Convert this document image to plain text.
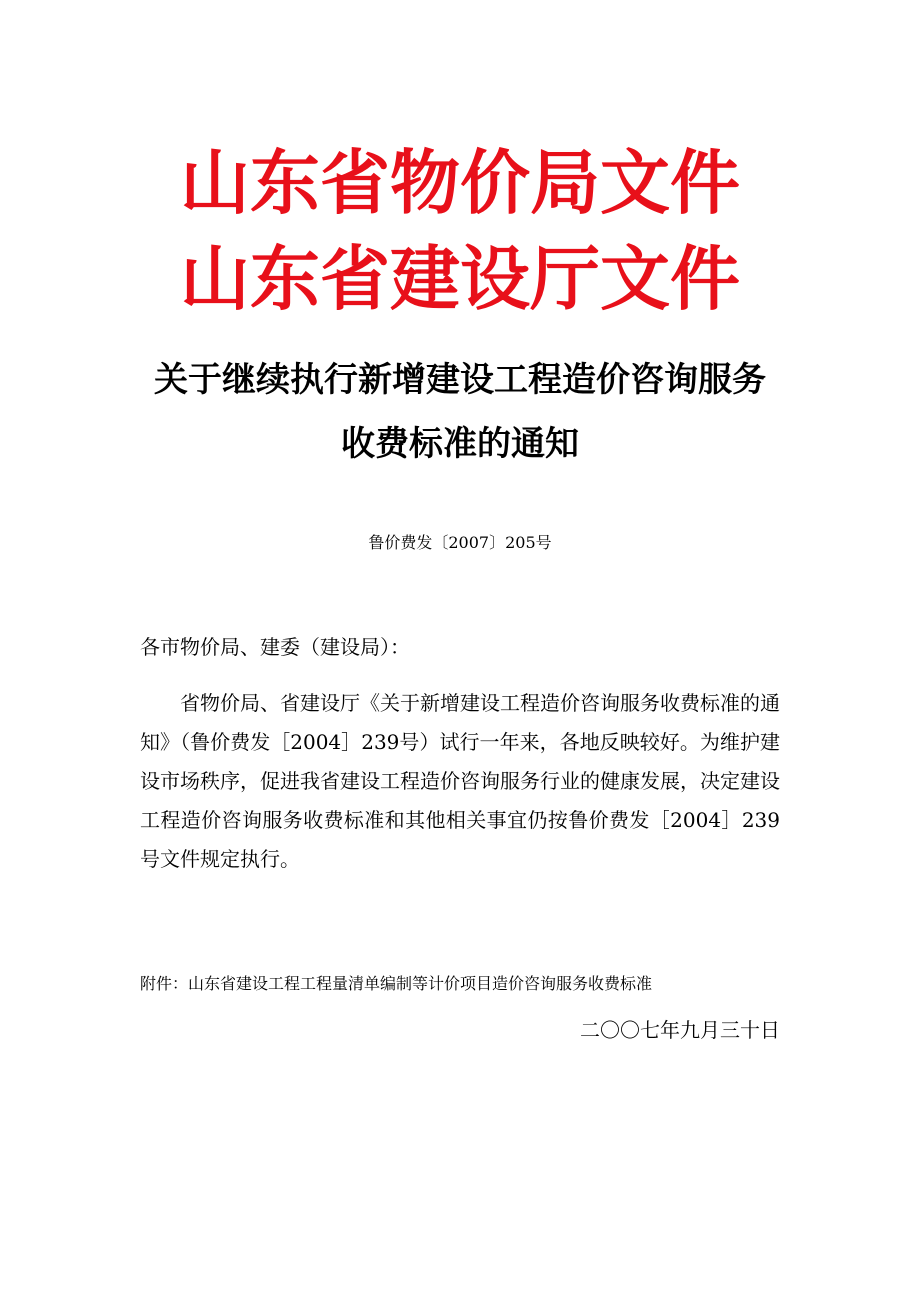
山东省物价局文件
山东省建设厅文件
关于继续执行新增建设工程造价咨询服务
收费标准的通知
鲁价费发〔2007〕205号
各市物价局、建委（建设局）：
省物价局、省建设厅《关于新增建设工程造价咨询服务收费标准的通知》（鲁价费发［2004］239号）试行一年来，各地反映较好。为维护建设市场秩序，促进我省建设工程造价咨询服务行业的健康发展，决定建设工程造价咨询服务收费标准和其他相关事宜仍按鲁价费发［2004］239号文件规定执行。
附件：山东省建设工程工程量清单编制等计价项目造价咨询服务收费标准
二〇〇七年九月三十日
